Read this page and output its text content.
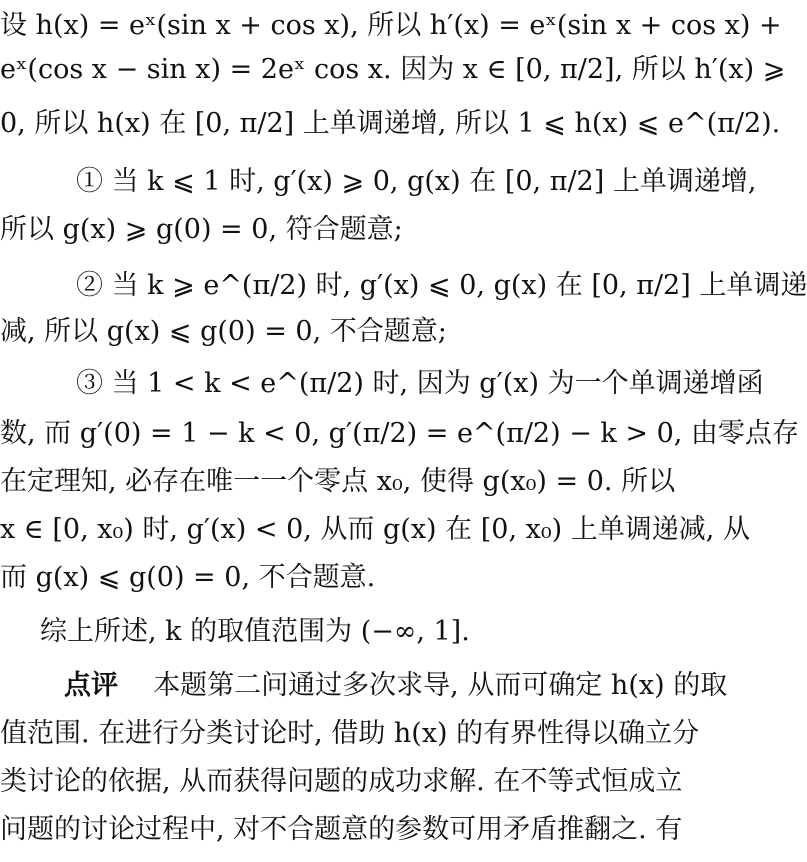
设 h(x) = eˣ(sin x + cos x), 所以 h′(x) = eˣ(sin x + cos x) +
eˣ(cos x − sin x) = 2eˣ cos x. 因为 x ∈ [0, π/2], 所以 h′(x) ⩾
0, 所以 h(x) 在 [0, π/2] 上单调递增, 所以 1 ⩽ h(x) ⩽ e^(π/2).
① 当 k ⩽ 1 时, g′(x) ⩾ 0, g(x) 在 [0, π/2] 上单调递增,
所以 g(x) ⩾ g(0) = 0, 符合题意;
② 当 k ⩾ e^(π/2) 时, g′(x) ⩽ 0, g(x) 在 [0, π/2] 上单调递
减, 所以 g(x) ⩽ g(0) = 0, 不合题意;
③ 当 1 < k < e^(π/2) 时, 因为 g′(x) 为一个单调递增函
数, 而 g′(0) = 1 − k < 0, g′(π/2) = e^(π/2) − k > 0, 由零点存
在定理知, 必存在唯一一个零点 x₀, 使得 g(x₀) = 0. 所以
x ∈ [0, x₀) 时, g′(x) < 0, 从而 g(x) 在 [0, x₀) 上单调递减, 从
而 g(x) ⩽ g(0) = 0, 不合题意.
综上所述, k 的取值范围为 (−∞, 1].
点评 本题第二问通过多次求导, 从而可确定 h(x) 的取
值范围. 在进行分类讨论时, 借助 h(x) 的有界性得以确立分
类讨论的依据, 从而获得问题的成功求解. 在不等式恒成立
问题的讨论过程中, 对不合题意的参数可用矛盾推翻之. 有
